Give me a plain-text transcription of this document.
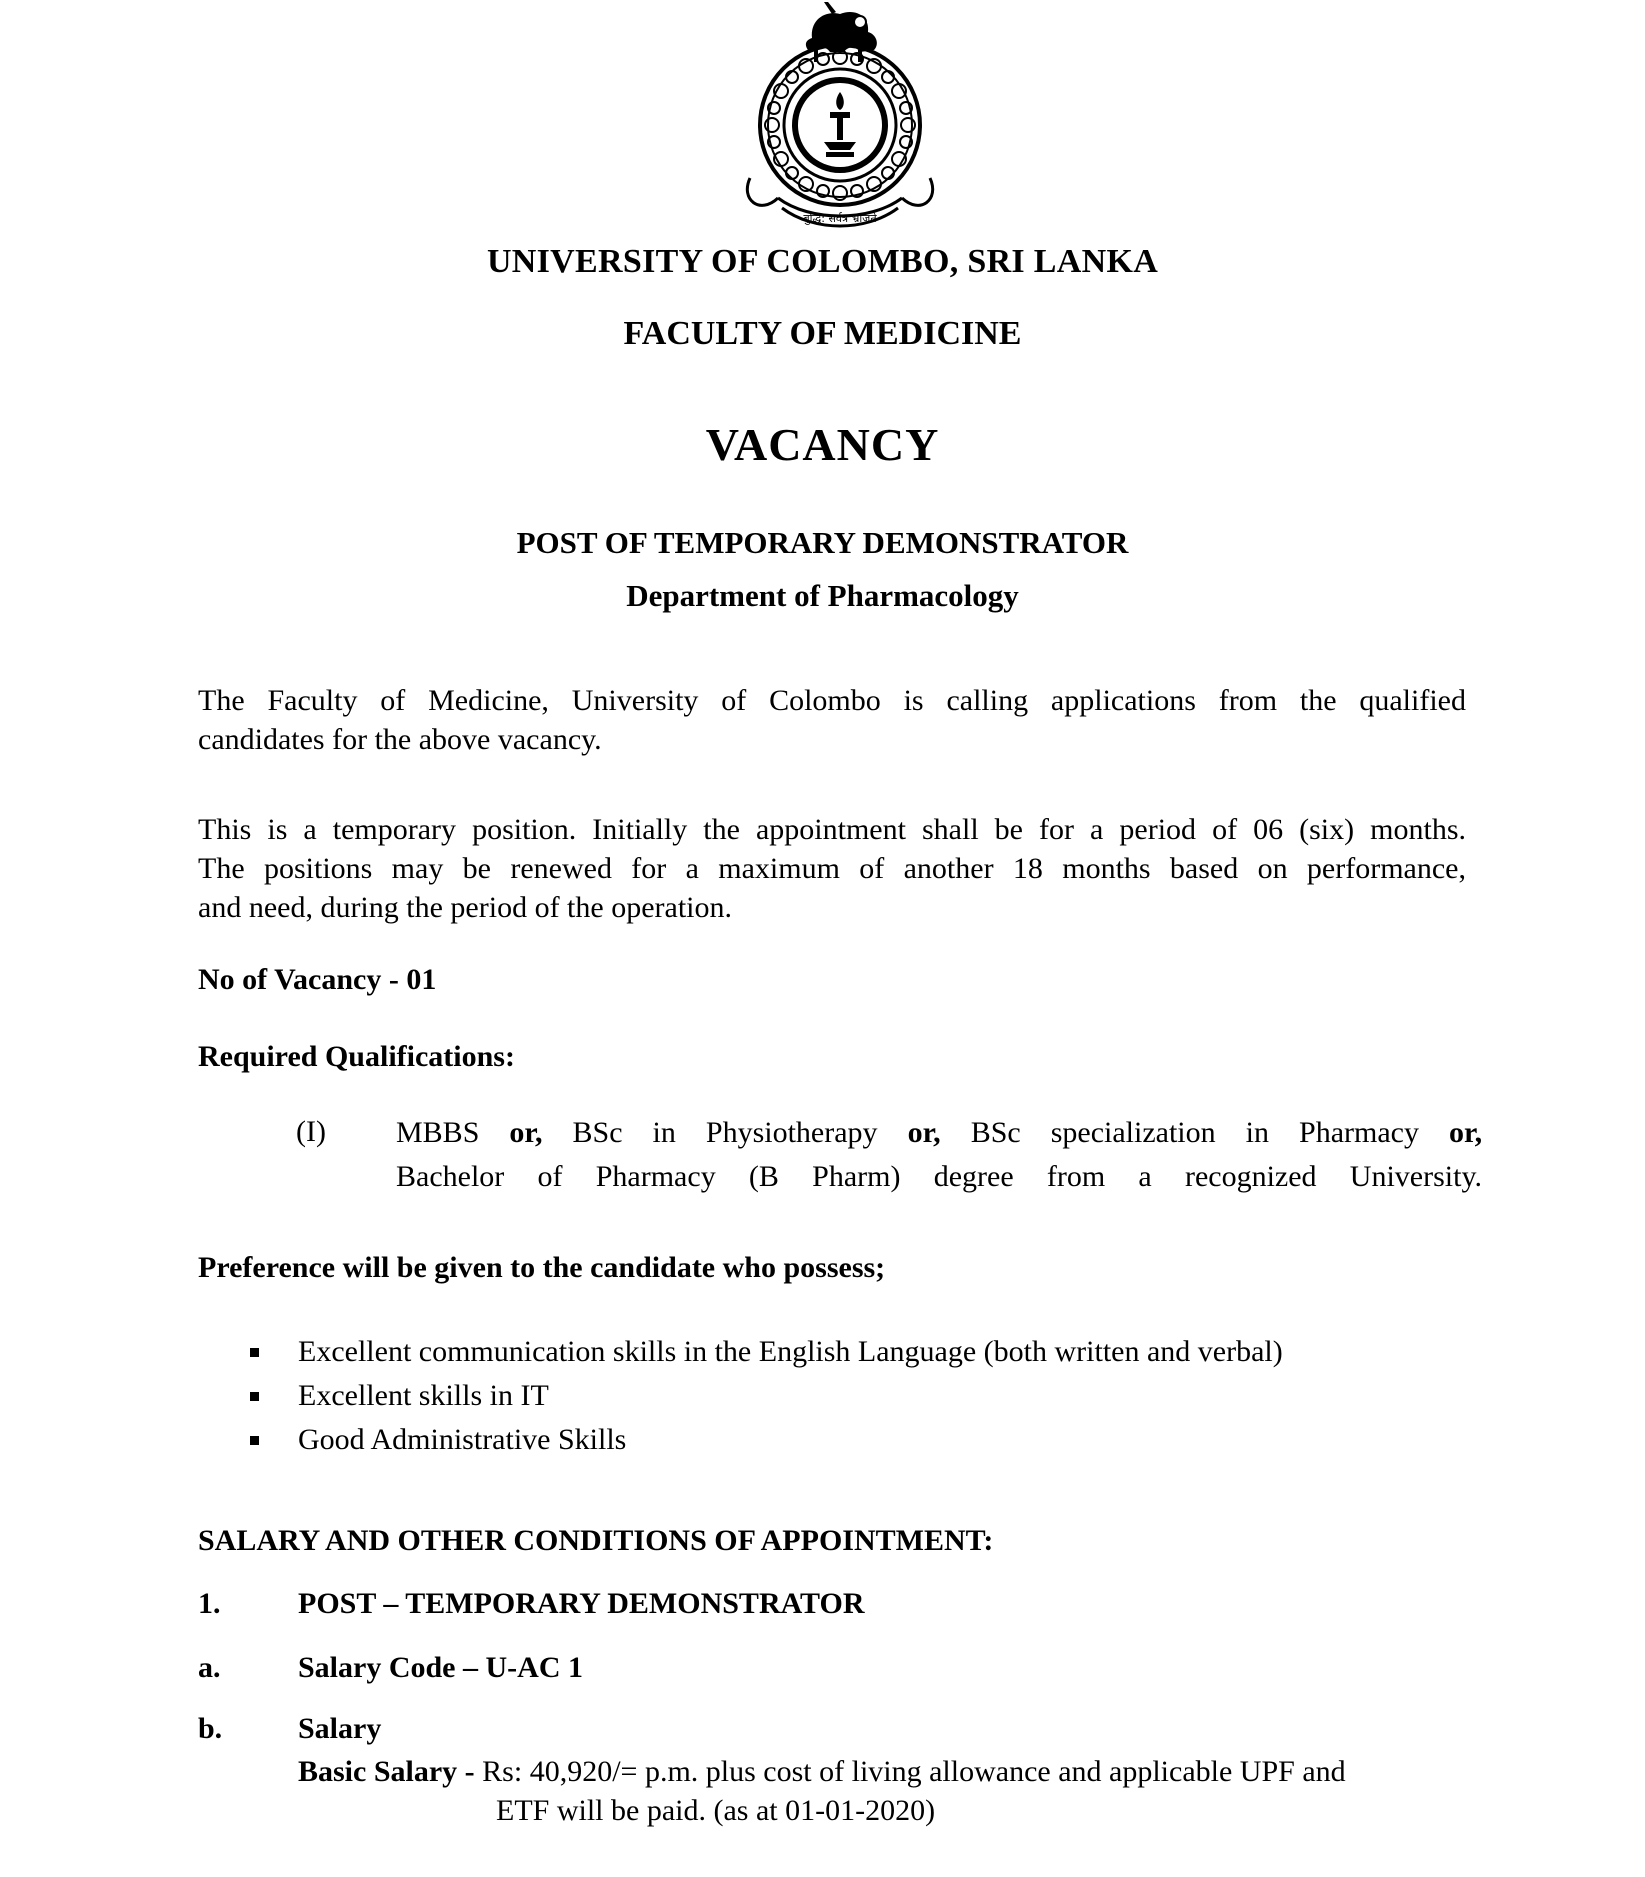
बुद्धि: सर्वत्र भ्राजते
UNIVERSITY OF COLOMBO, SRI LANKA
FACULTY OF MEDICINE
VACANCY
POST OF TEMPORARY DEMONSTRATOR
Department of Pharmacology
The Faculty of Medicine, University of Colombo is calling applications from the qualified
candidates for the above vacancy.
This is a temporary position. Initially the appointment shall be for a period of 06 (six) months.
The positions may be renewed for a maximum of another 18 months based on performance,
and need, during the period of the operation.
No of Vacancy - 01
Required Qualifications:
(I) MBBS or, BSc in Physiotherapy or, BSc specialization in Pharmacy or,
Bachelor of Pharmacy (B Pharm) degree from a recognized University.
Preference will be given to the candidate who possess;
Excellent communication skills in the English Language (both written and verbal)
Excellent skills in IT
Good Administrative Skills
SALARY AND OTHER CONDITIONS OF APPOINTMENT:
1.	POST – TEMPORARY DEMONSTRATOR
a.	Salary Code – U-AC 1
b.	Salary
Basic Salary - Rs: 40,920/= p.m. plus cost of living allowance and applicable UPF and
ETF will be paid. (as at 01-01-2020)
